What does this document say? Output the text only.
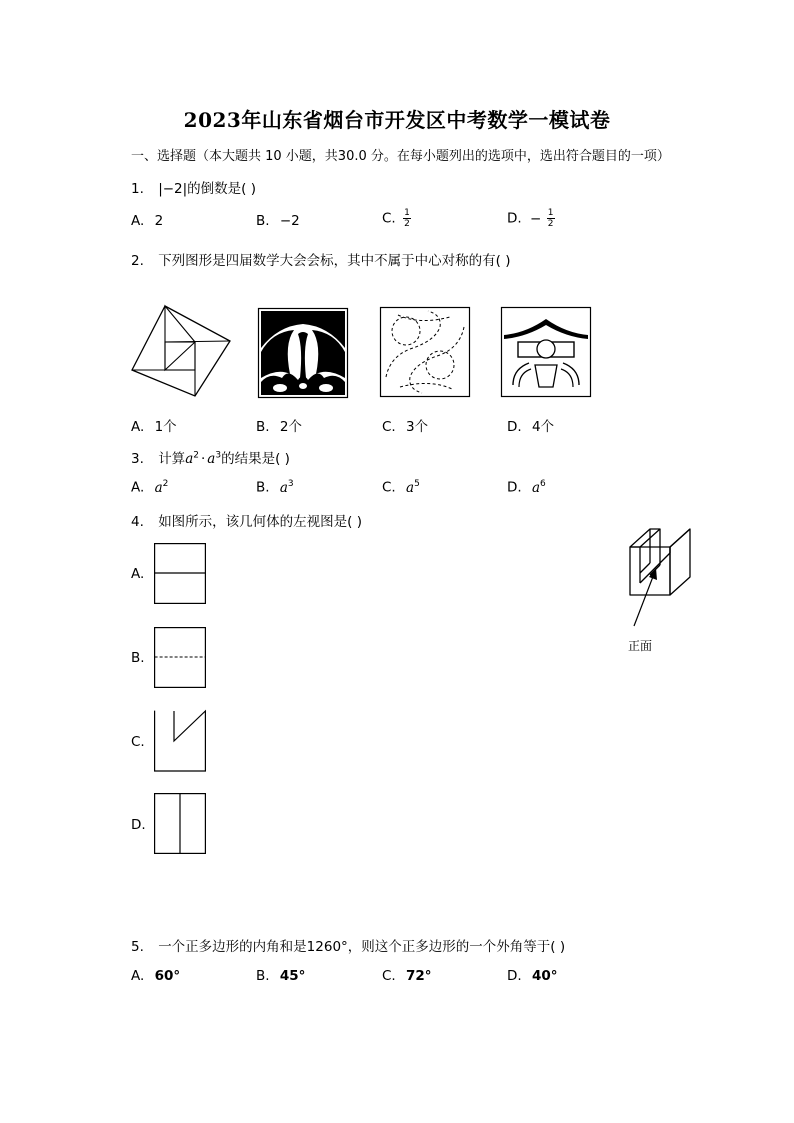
2023年山东省烟台市开发区中考数学一模试卷
一、选择题（本大题共 10 小题，共30.0 分。在每小题列出的选项中，选出符合题目的一项）
1. |−2|的倒数是( )
A. 2	B. −2	C. $\frac{1}{2}$	D. − $\frac{1}{2}$
2. 下列图形是四届数学大会会标，其中不属于中心对称的有( )
A. 1个	B. 2个	C. 3个	D. 4个
3. 计算$a^2 \cdot a^3$的结果是( )
A. $a^2$	B. $a^3$	C. $a^5$	D. $a^6$
4. 如图所示，该几何体的左视图是( )
正面
A.
B.
C.
D.
5. 一个正多边形的内角和是1260°，则这个正多边形的一个外角等于( )
A. 60°	B. 45°	C. 72°	D. 40°
